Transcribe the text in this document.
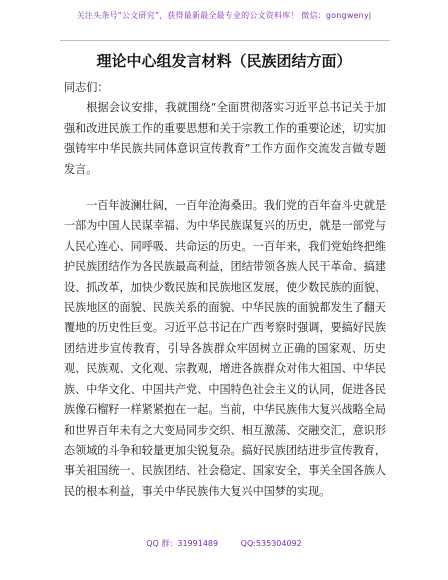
关注头条号“公文研究”，获得最新最全最专业的公文资料库！ 微信：gongwenyj
理论中心组发言材料（民族团结方面）

同志们：

根据会议安排，我就围绕“全面贯彻落实习近平总书记关于加强和改进民族工作的重要思想和关于宗教工作的重要论述，切实加强铸牢中华民族共同体意识宣传教育”工作方面作交流发言做专题发言。

一百年波澜壮阔，一百年沧海桑田。我们党的百年奋斗史就是一部为中国人民谋幸福、为中华民族谋复兴的历史，就是一部党与人民心连心、同呼吸、共命运的历史。一百年来，我们党始终把维护民族团结作为各民族最高利益，团结带领各族人民干革命、搞建设、抓改革，加快少数民族和民族地区发展，使少数民族的面貌、民族地区的面貌、民族关系的面貌、中华民族的面貌都发生了翻天覆地的历史性巨变。习近平总书记在广西考察时强调，要搞好民族团结进步宣传教育，引导各族群众牢固树立正确的国家观、历史观、民族观、文化观、宗教观，增进各族群众对伟大祖国、中华民族、中华文化、中国共产党、中国特色社会主义的认同，促进各民族像石榴籽一样紧紧抱在一起。当前，中华民族伟大复兴战略全局和世界百年未有之大变局同步交织、相互激荡、交融交汇，意识形态领域的斗争和较量更加尖锐复杂。搞好民族团结进步宣传教育，事关祖国统一、民族团结、社会稳定、国家安全，事关全国各族人民的根本利益，事关中华民族伟大复兴中国梦的实现。

QQ 群：31991489	QQ:535304092
